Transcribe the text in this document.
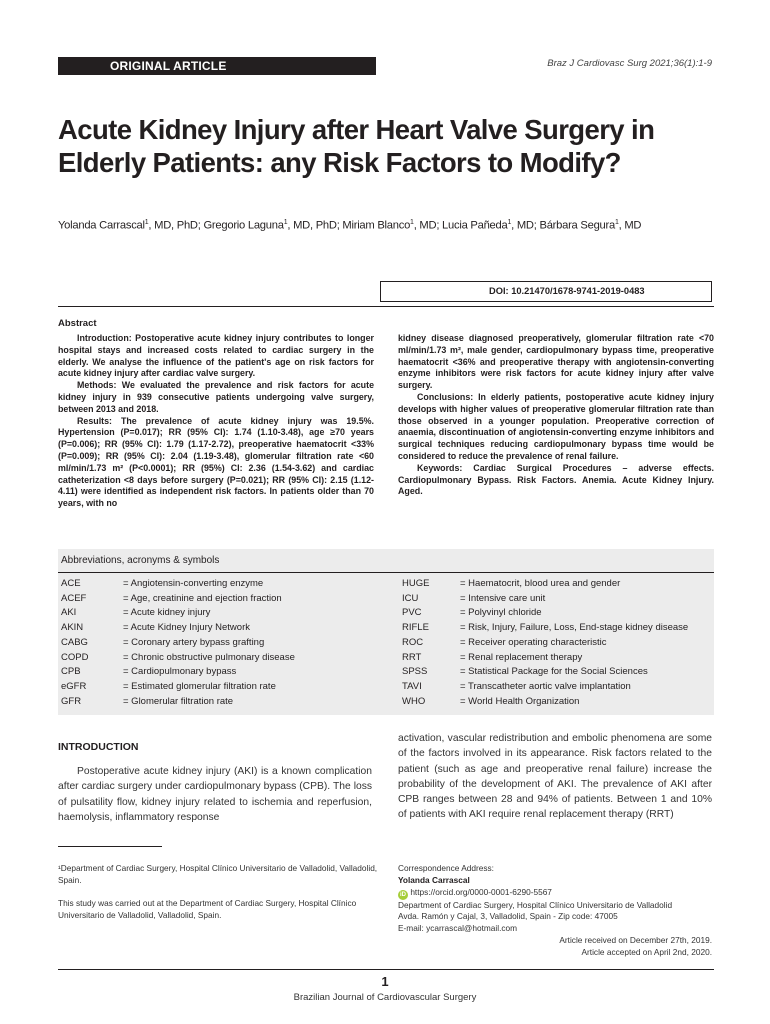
ORIGINAL ARTICLE	Braz J Cardiovasc Surg 2021;36(1):1-9
Acute Kidney Injury after Heart Valve Surgery in
Elderly Patients: any Risk Factors to Modify?
Yolanda Carrascal$^1$, MD, PhD; Gregorio Laguna$^1$, MD, PhD; Miriam Blanco$^1$, MD; Lucia Pañeda$^1$, MD; Bárbara Segura$^1$, MD
DOI: 10.21470/1678-9741-2019-0483
Abstract

Introduction: Postoperative acute kidney injury contributes to longer hospital stays and increased costs related to cardiac surgery in the elderly. We analyse the influence of the patient's age on risk factors for acute kidney injury after cardiac valve surgery.

Methods: We evaluated the prevalence and risk factors for acute kidney injury in 939 consecutive patients undergoing valve surgery, between 2013 and 2018.

Results: The prevalence of acute kidney injury was 19.5%. Hypertension (P=0.017); RR (95% CI): 1.74 (1.10-3.48), age ≥70 years (P=0.006); RR (95% CI): 1.79 (1.17-2.72), preoperative haematocrit <33% (P=0.009); RR (95% CI): 2.04 (1.19-3.48), glomerular filtration rate <60 ml/min/1.73 m² (P<0.0001); RR (95%) CI: 2.36 (1.54-3.62) and cardiac catheterization <8 days before surgery (P=0.021); RR (95% CI): 2.15 (1.12-4.11) were identified as independent risk factors. In patients older than 70 years, with no

kidney disease diagnosed preoperatively, glomerular filtration rate <70 ml/min/1.73 m², male gender, cardiopulmonary bypass time, preoperative haematocrit <36% and preoperative therapy with angiotensin-converting enzyme inhibitors were risk factors for acute kidney injury after valve surgery.

Conclusions: In elderly patients, postoperative acute kidney injury develops with higher values of preoperative glomerular filtration rate than those observed in a younger population. Preoperative correction of anaemia, discontinuation of angiotensin-converting enzyme inhibitors and surgical techniques reducing cardiopulmonary bypass time would be considered to reduce the prevalence of renal failure.

Keywords: Cardiac Surgical Procedures – adverse effects. Cardiopulmonary Bypass. Risk Factors. Anemia. Acute Kidney Injury. Aged.

Abbreviations, acronyms & symbols
ACE	= Angiotensin-converting enzyme
ACEF	= Age, creatinine and ejection fraction
AKI	= Acute kidney injury
AKIN	= Acute Kidney Injury Network
CABG	= Coronary artery bypass grafting
COPD	= Chronic obstructive pulmonary disease
CPB	= Cardiopulmonary bypass
eGFR	= Estimated glomerular filtration rate
GFR	= Glomerular filtration rate
HUGE	= Haematocrit, blood urea and gender
ICU	= Intensive care unit
PVC	= Polyvinyl chloride
RIFLE	= Risk, Injury, Failure, Loss, End-stage kidney disease
ROC	= Receiver operating characteristic
RRT	= Renal replacement therapy
SPSS	= Statistical Package for the Social Sciences
TAVI	= Transcatheter aortic valve implantation
WHO	= World Health Organization
INTRODUCTION
Postoperative acute kidney injury (AKI) is a known complication after cardiac surgery under cardiopulmonary bypass (CPB). The loss of pulsatility flow, kidney injury related to ischemia and reperfusion, haemolysis, inflammatory response
activation, vascular redistribution and embolic phenomena are some of the factors involved in its appearance. Risk factors related to the patient (such as age and preoperative renal failure) increase the probability of the development of AKI. The prevalence of AKI after CPB ranges between 28 and 94% of patients. Between 1 and 10% of patients with AKI require renal replacement therapy (RRT)
¹Department of Cardiac Surgery, Hospital Clínico Universitario de Valladolid, Valladolid, Spain.
This study was carried out at the Department of Cardiac Surgery, Hospital Clínico Universitario de Valladolid, Valladolid, Spain.
Correspondence Address:
Yolanda Carrascal
iD https://orcid.org/0000-0001-6290-5567
Department of Cardiac Surgery, Hospital Clínico Universitario de Valladolid
Avda. Ramón y Cajal, 3, Valladolid, Spain - Zip code: 47005
E-mail: ycarrascal@hotmail.com
Article received on December 27th, 2019.
Article accepted on April 2nd, 2020.
1
Brazilian Journal of Cardiovascular Surgery
